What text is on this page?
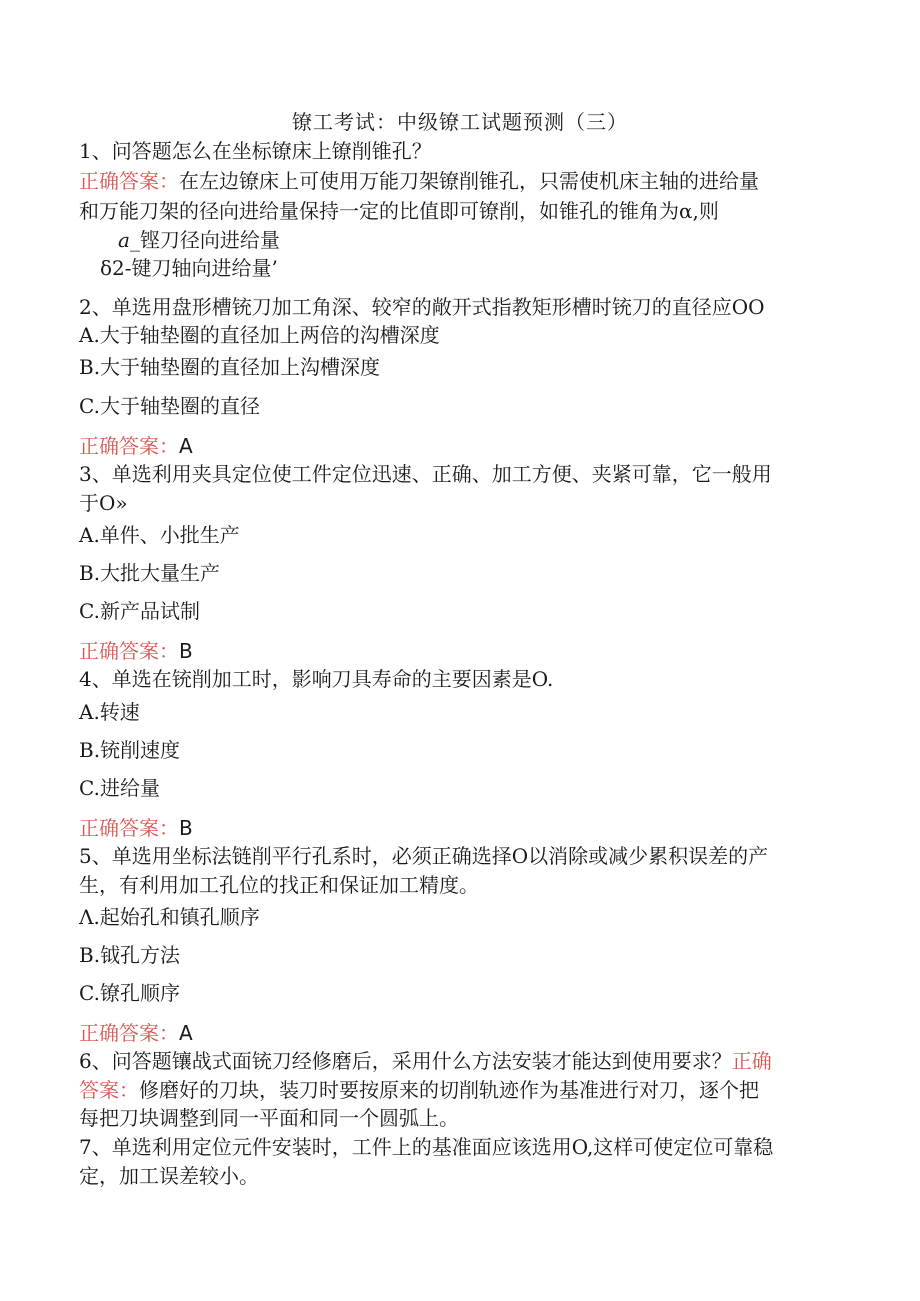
镣工考试：中级镣工试题预测（三）
1、问答题怎么在坐标镣床上镣削锥孔？
正确答案：在左边镣床上可使用万能刀架镣削锥孔，只需使机床主轴的进给量
和万能刀架的径向进给量保持一定的比值即可镣削，如锥孔的锥角为α,则
a_铿刀径向进给量
δ2-键刀轴向进给量’
2、单选用盘形槽铳刀加工角深、较窄的敞开式指教矩形槽时铳刀的直径应OO
A.大于轴垫圈的直径加上两倍的沟槽深度
B.大于轴垫圈的直径加上沟槽深度
C.大于轴垫圈的直径
正确答案：A
3、单选利用夹具定位使工件定位迅速、正确、加工方便、夹紧可靠，它一般用
于O»
A.单件、小批生产
B.大批大量生产
C.新产品试制
正确答案：B
4、单选在铳削加工时，影响刀具寿命的主要因素是O.
A.转速
B.铳削速度
C.进给量
正确答案：B
5、单选用坐标法链削平行孔系时，必须正确选择O以消除或减少累积误差的产
生，有利用加工孔位的找正和保证加工精度。
Λ.起始孔和镇孔顺序
B.钺孔方法
C.镣孔顺序
正确答案：A
6、问答题镶战式面铳刀经修磨后，采用什么方法安装才能达到使用要求？正确
答案：修磨好的刀块，装刀时要按原来的切削轨迹作为基准进行对刀，逐个把
每把刀块调整到同一平面和同一个圆弧上。
7、单选利用定位元件安装时，工件上的基准面应该选用O,这样可使定位可靠稳
定，加工误差较小。
